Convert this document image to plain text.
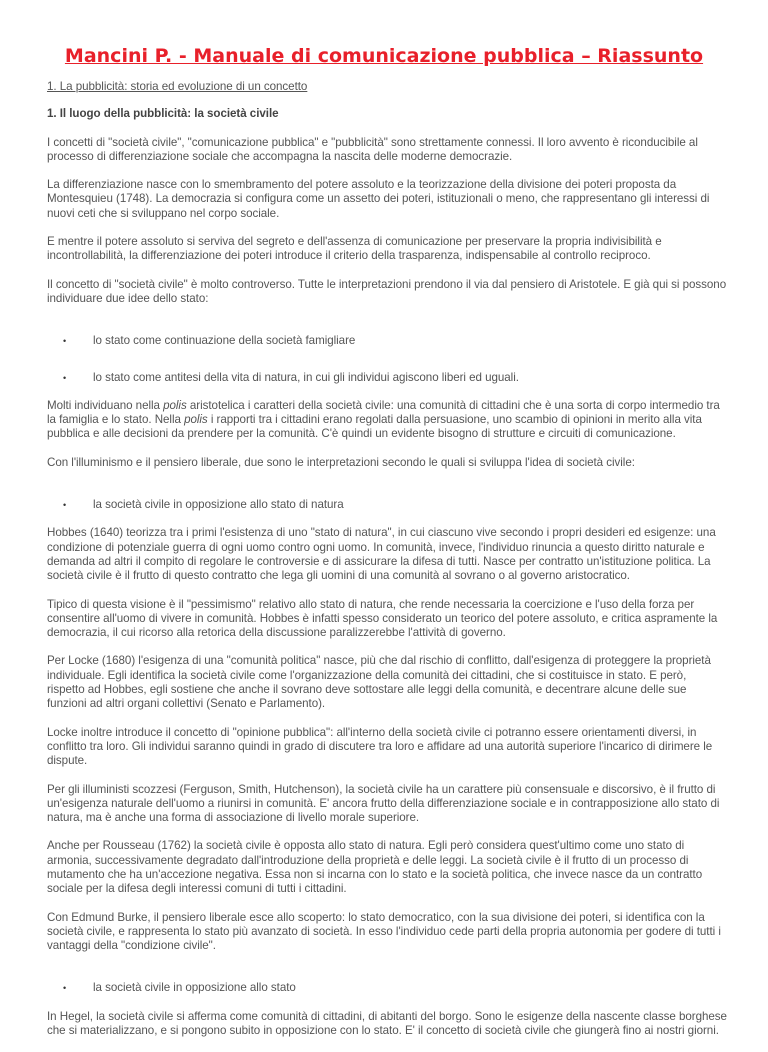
Mancini P. - Manuale di comunicazione pubblica – Riassunto

1. La pubblicità: storia ed evoluzione di un concetto

1. Il luogo della pubblicità: la società civile

I concetti di "società civile", "comunicazione pubblica" e "pubblicità" sono strettamente connessi. Il loro avvento è riconducibile al processo di differenziazione sociale che accompagna la nascita delle moderne democrazie.

La differenziazione nasce con lo smembramento del potere assoluto e la teorizzazione della divisione dei poteri proposta da Montesquieu (1748). La democrazia si configura come un assetto dei poteri, istituzionali o meno, che rappresentano gli interessi di nuovi ceti che si sviluppano nel corpo sociale.

E mentre il potere assoluto si serviva del segreto e dell'assenza di comunicazione per preservare la propria indivisibilità e incontrollabilità, la differenziazione dei poteri introduce il criterio della trasparenza, indispensabile al controllo reciproco.

Il concetto di "società civile" è molto controverso. Tutte le interpretazioni prendono il via dal pensiero di Aristotele. E già qui si possono individuare due idee dello stato:

• lo stato come continuazione della società famigliare

• lo stato come antitesi della vita di natura, in cui gli individui agiscono liberi ed uguali.

Molti individuano nella polis aristotelica i caratteri della società civile: una comunità di cittadini che è una sorta di corpo intermedio tra la famiglia e lo stato. Nella polis i rapporti tra i cittadini erano regolati dalla persuasione, uno scambio di opinioni in merito alla vita pubblica e alle decisioni da prendere per la comunità. C'è quindi un evidente bisogno di strutture e circuiti di comunicazione.

Con l'illuminismo e il pensiero liberale, due sono le interpretazioni secondo le quali si sviluppa l'idea di società civile:

• la società civile in opposizione allo stato di natura

Hobbes (1640) teorizza tra i primi l'esistenza di uno "stato di natura", in cui ciascuno vive secondo i propri desideri ed esigenze: una condizione di potenziale guerra di ogni uomo contro ogni uomo. In comunità, invece, l'individuo rinuncia a questo diritto naturale e demanda ad altri il compito di regolare le controversie e di assicurare la difesa di tutti. Nasce per contratto un'istituzione politica. La società civile è il frutto di questo contratto che lega gli uomini di una comunità al sovrano o al governo aristocratico.

Tipico di questa visione è il "pessimismo" relativo allo stato di natura, che rende necessaria la coercizione e l'uso della forza per consentire all'uomo di vivere in comunità. Hobbes è infatti spesso considerato un teorico del potere assoluto, e critica aspramente la democrazia, il cui ricorso alla retorica della discussione paralizzerebbe l'attività di governo.

Per Locke (1680) l'esigenza di una "comunità politica" nasce, più che dal rischio di conflitto, dall'esigenza di proteggere la proprietà individuale. Egli identifica la società civile come l'organizzazione della comunità dei cittadini, che si costituisce in stato. E però, rispetto ad Hobbes, egli sostiene che anche il sovrano deve sottostare alle leggi della comunità, e decentrare alcune delle sue funzioni ad altri organi collettivi (Senato e Parlamento).

Locke inoltre introduce il concetto di "opinione pubblica": all'interno della società civile ci potranno essere orientamenti diversi, in conflitto tra loro. Gli individui saranno quindi in grado di discutere tra loro e affidare ad una autorità superiore l'incarico di dirimere le dispute.

Per gli illuministi scozzesi (Ferguson, Smith, Hutchenson), la società civile ha un carattere più consensuale e discorsivo, è il frutto di un'esigenza naturale dell'uomo a riunirsi in comunità. E' ancora frutto della differenziazione sociale e in contrapposizione allo stato di natura, ma è anche una forma di associazione di livello morale superiore.

Anche per Rousseau (1762) la società civile è opposta allo stato di natura. Egli però considera quest'ultimo come uno stato di armonia, successivamente degradato dall'introduzione della proprietà e delle leggi. La società civile è il frutto di un processo di mutamento che ha un'accezione negativa. Essa non si incarna con lo stato e la società politica, che invece nasce da un contratto sociale per la difesa degli interessi comuni di tutti i cittadini.

Con Edmund Burke, il pensiero liberale esce allo scoperto: lo stato democratico, con la sua divisione dei poteri, si identifica con la società civile, e rappresenta lo stato più avanzato di società. In esso l'individuo cede parti della propria autonomia per godere di tutti i vantaggi della "condizione civile".

• la società civile in opposizione allo stato

In Hegel, la società civile si afferma come comunità di cittadini, di abitanti del borgo. Sono le esigenze della nascente classe borghese che si materializzano, e si pongono subito in opposizione con lo stato. E' il concetto di società civile che giungerà fino ai nostri giorni.
